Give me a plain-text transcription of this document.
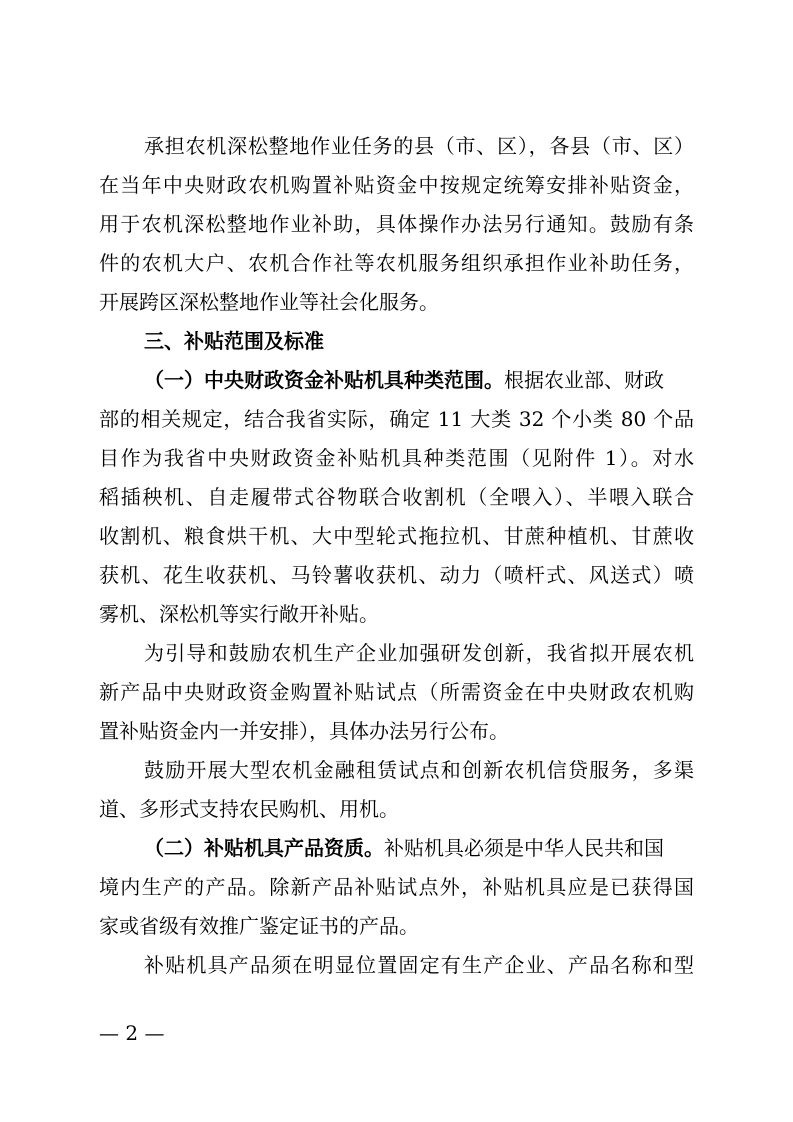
承担农机深松整地作业任务的县（市、区），各县（市、区）
在当年中央财政农机购置补贴资金中按规定统筹安排补贴资金，
用于农机深松整地作业补助，具体操作办法另行通知。鼓励有条
件的农机大户、农机合作社等农机服务组织承担作业补助任务，
开展跨区深松整地作业等社会化服务。
三、补贴范围及标准
（一）中央财政资金补贴机具种类范围。根据农业部、财政
部的相关规定，结合我省实际，确定 11 大类 32 个小类 80 个品
目作为我省中央财政资金补贴机具种类范围（见附件 1）。对水
稻插秧机、自走履带式谷物联合收割机（全喂入）、半喂入联合
收割机、粮食烘干机、大中型轮式拖拉机、甘蔗种植机、甘蔗收
获机、花生收获机、马铃薯收获机、动力（喷杆式、风送式）喷
雾机、深松机等实行敞开补贴。
为引导和鼓励农机生产企业加强研发创新，我省拟开展农机
新产品中央财政资金购置补贴试点（所需资金在中央财政农机购
置补贴资金内一并安排），具体办法另行公布。
鼓励开展大型农机金融租赁试点和创新农机信贷服务，多渠
道、多形式支持农民购机、用机。
（二）补贴机具产品资质。补贴机具必须是中华人民共和国
境内生产的产品。除新产品补贴试点外，补贴机具应是已获得国
家或省级有效推广鉴定证书的产品。
补贴机具产品须在明显位置固定有生产企业、产品名称和型
— 2 —
